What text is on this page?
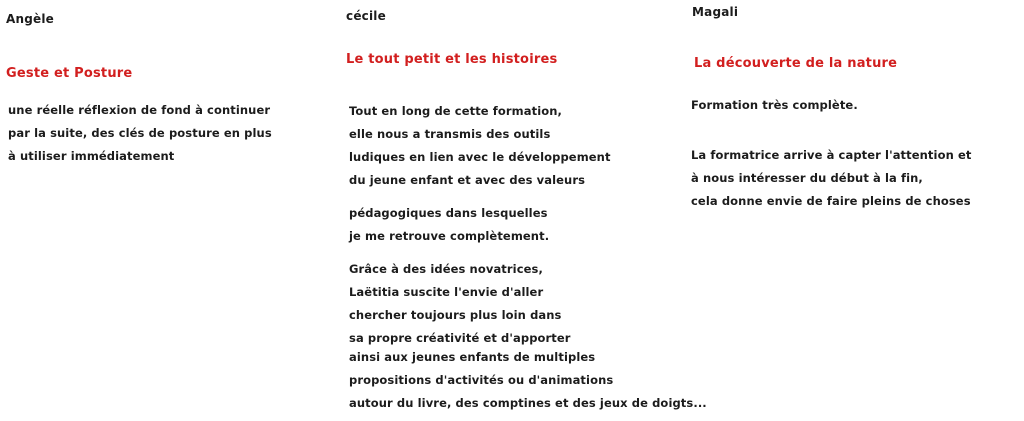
Angèle
Geste et Posture
une réelle réflexion de fond à continuer
par la suite, des clés de posture en plus
à utiliser immédiatement
cécile
Le tout petit et les histoires
Tout en long de cette formation,
elle nous a transmis des outils
ludiques en lien avec le développement
du jeune enfant et avec des valeurs
pédagogiques dans lesquelles
je me retrouve complètement.
Grâce à des idées novatrices,
Laëtitia suscite l'envie d'aller
chercher toujours plus loin dans
sa propre créativité et d'apporter
ainsi aux jeunes enfants de multiples
propositions d'activités ou d'animations
autour du livre, des comptines et des jeux de doigts...
Magali
La découverte de la nature
Formation très complète.
La formatrice arrive à capter l'attention et
à nous intéresser du début à la fin,
cela donne envie de faire pleins de choses
